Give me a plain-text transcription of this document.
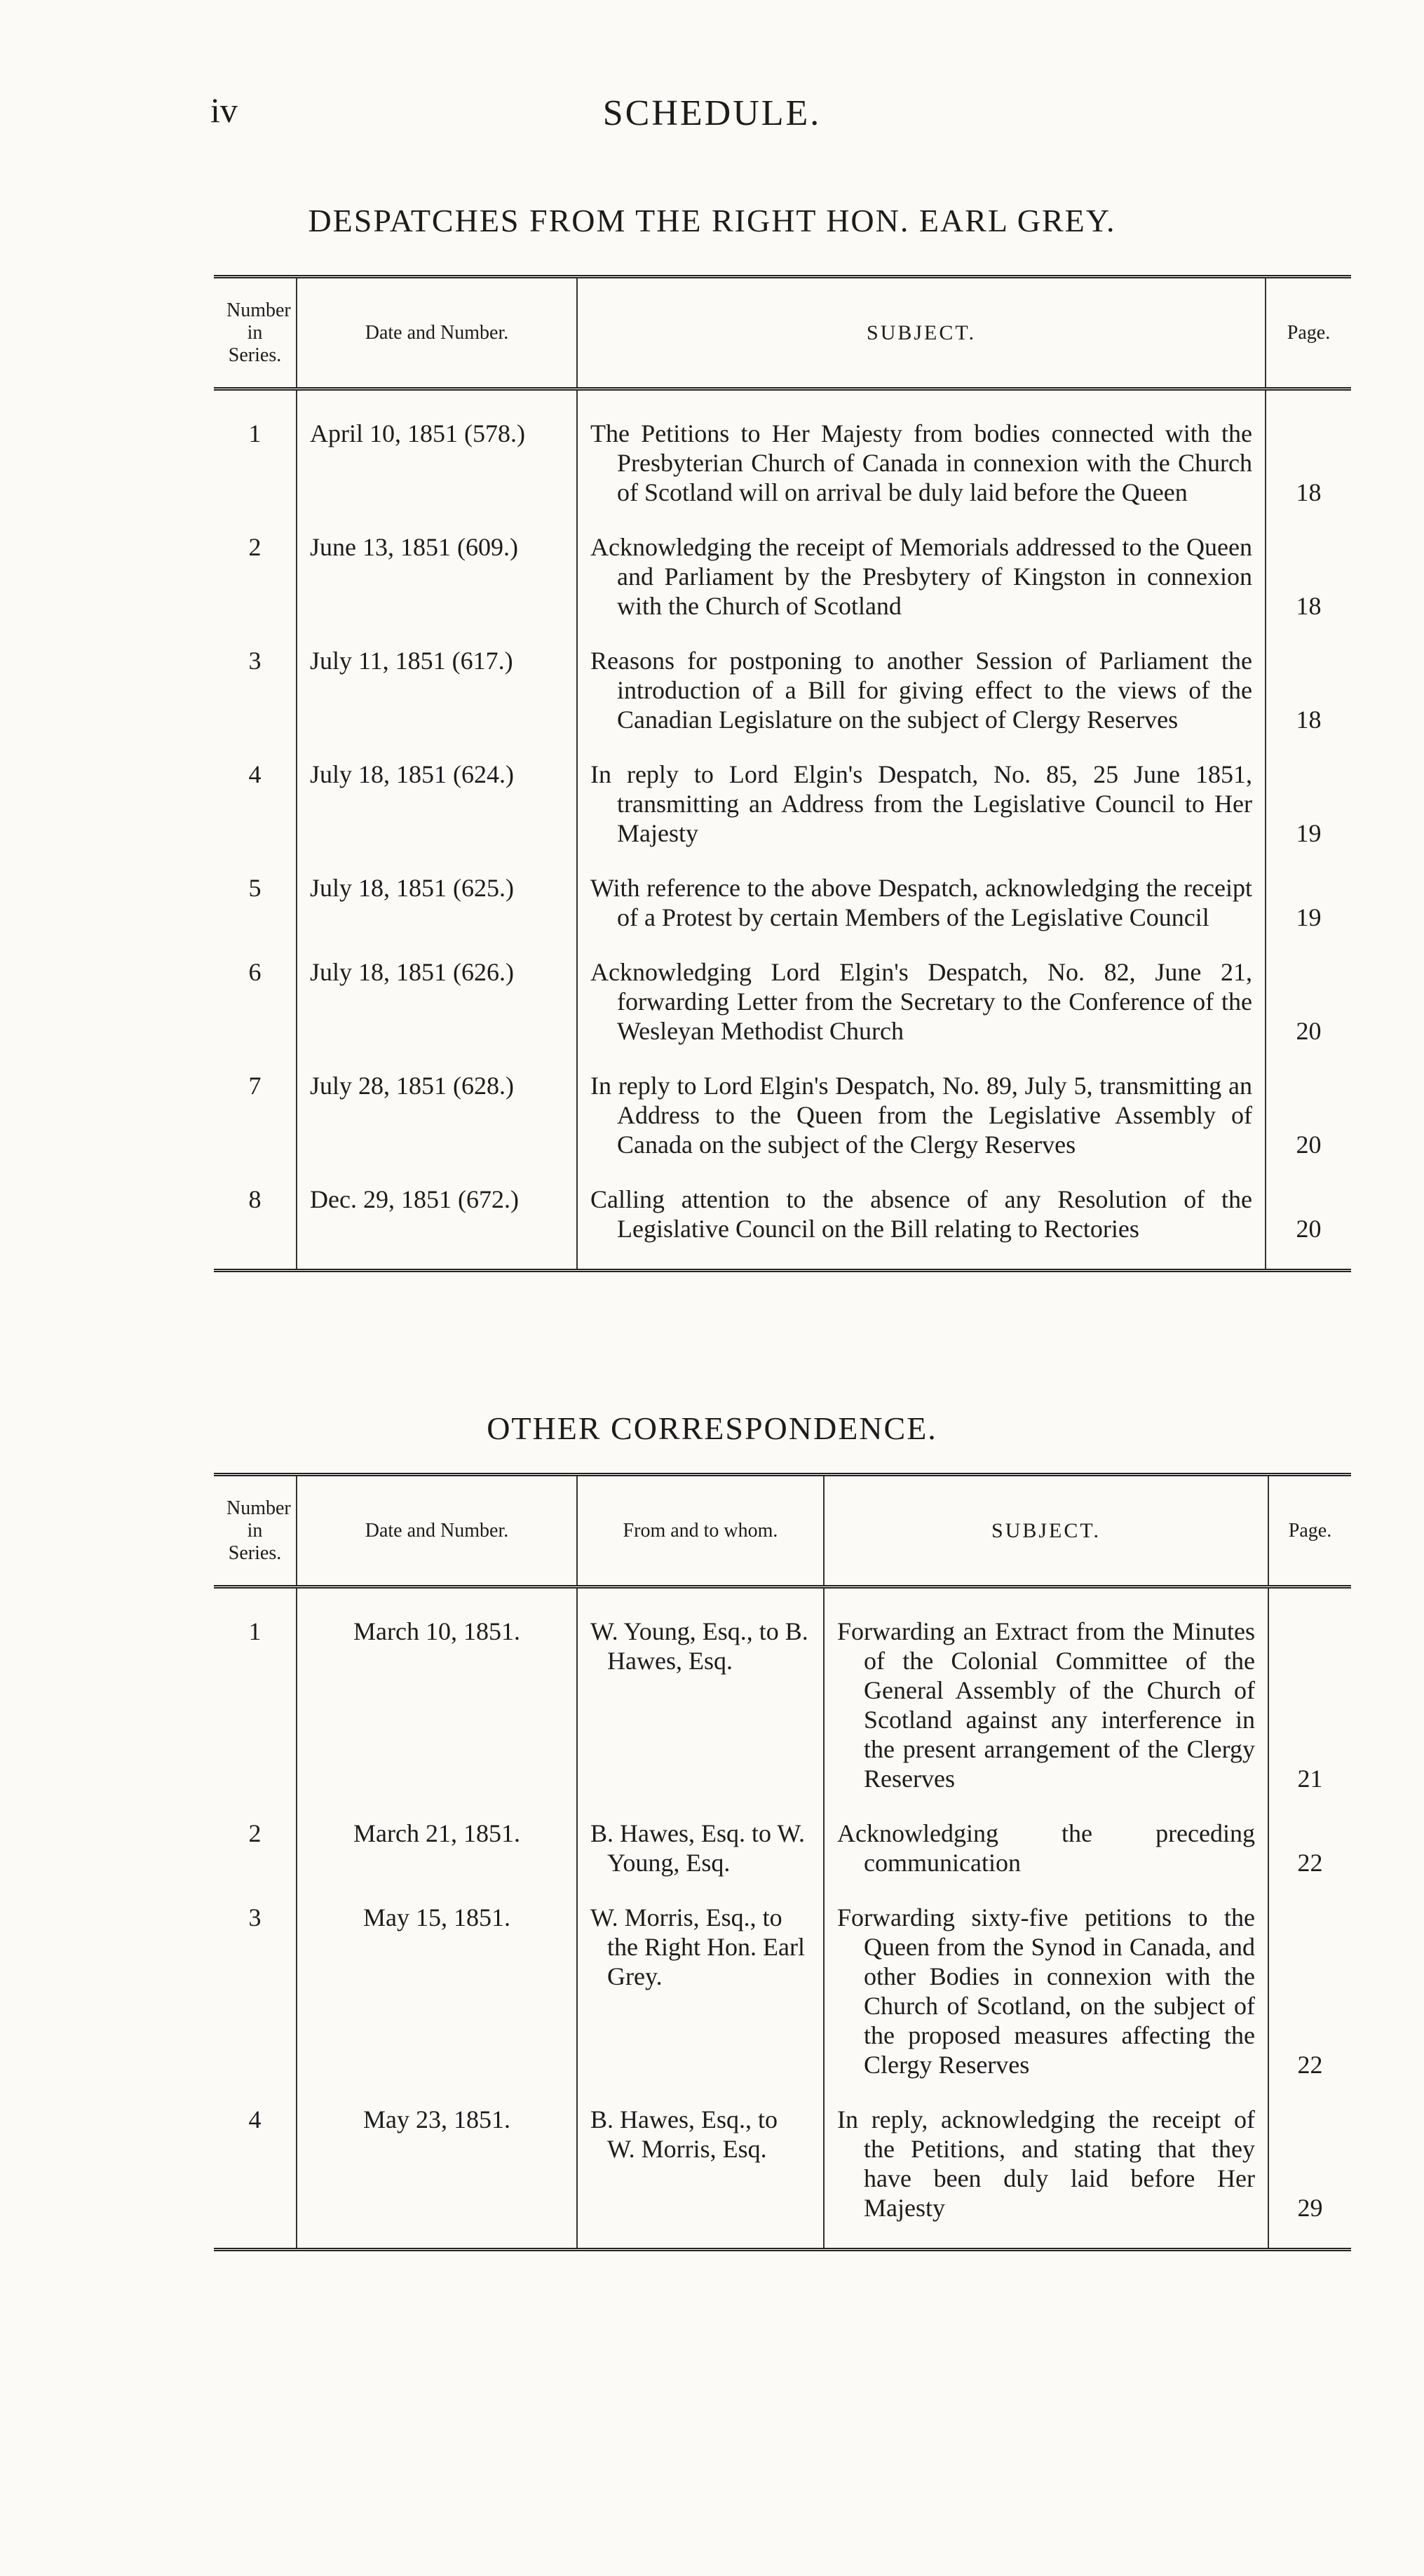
iv	SCHEDULE.
DESPATCHES FROM THE RIGHT HON. EARL GREY.
Number in Series.	Date and Number.	SUBJECT.	Page.

1	April 10, 1851 (578.)	The Petitions to Her Majesty from bodies connected with the Presbyterian Church of Canada in connexion with the Church of Scotland will on arrival be duly laid before the Queen	18
2	June 13, 1851 (609.)	Acknowledging the receipt of Memorials addressed to the Queen and Parliament by the Presbytery of Kingston in connexion with the Church of Scotland	18
3	July 11, 1851 (617.)	Reasons for postponing to another Session of Parliament the introduction of a Bill for giving effect to the views of the Canadian Legislature on the subject of Clergy Reserves	18
4	July 18, 1851 (624.)	In reply to Lord Elgin's Despatch, No. 85, 25 June 1851, transmitting an Address from the Legislative Council to Her Majesty	19
5	July 18, 1851 (625.)	With reference to the above Despatch, acknowledging the receipt of a Protest by certain Members of the Legislative Council	19
6	July 18, 1851 (626.)	Acknowledging Lord Elgin's Despatch, No. 82, June 21, forwarding Letter from the Secretary to the Conference of the Wesleyan Methodist Church	20
7	July 28, 1851 (628.)	In reply to Lord Elgin's Despatch, No. 89, July 5, transmitting an Address to the Queen from the Legislative Assembly of Canada on the subject of the Clergy Reserves	20
8	Dec. 29, 1851 (672.)	Calling attention to the absence of any Resolution of the Legislative Council on the Bill relating to Rectories	20
OTHER CORRESPONDENCE.
Number in Series.	Date and Number.	From and to whom.	SUBJECT.	Page.

1	March 10, 1851.	W. Young, Esq., to B. Hawes, Esq.	Forwarding an Extract from the Minutes of the Colonial Committee of the General Assembly of the Church of Scotland against any interference in the present arrangement of the Clergy Reserves	21
2	March 21, 1851.	B. Hawes, Esq. to W. Young, Esq.	Acknowledging the preceding communication	22
3	May 15, 1851.	W. Morris, Esq., to the Right Hon. Earl Grey.	Forwarding sixty-five petitions to the Queen from the Synod in Canada, and other Bodies in connexion with the Church of Scotland, on the subject of the proposed measures affecting the Clergy Reserves	22
4	May 23, 1851.	B. Hawes, Esq., to W. Morris, Esq.	In reply, acknowledging the receipt of the Petitions, and stating that they have been duly laid before Her Majesty	29
